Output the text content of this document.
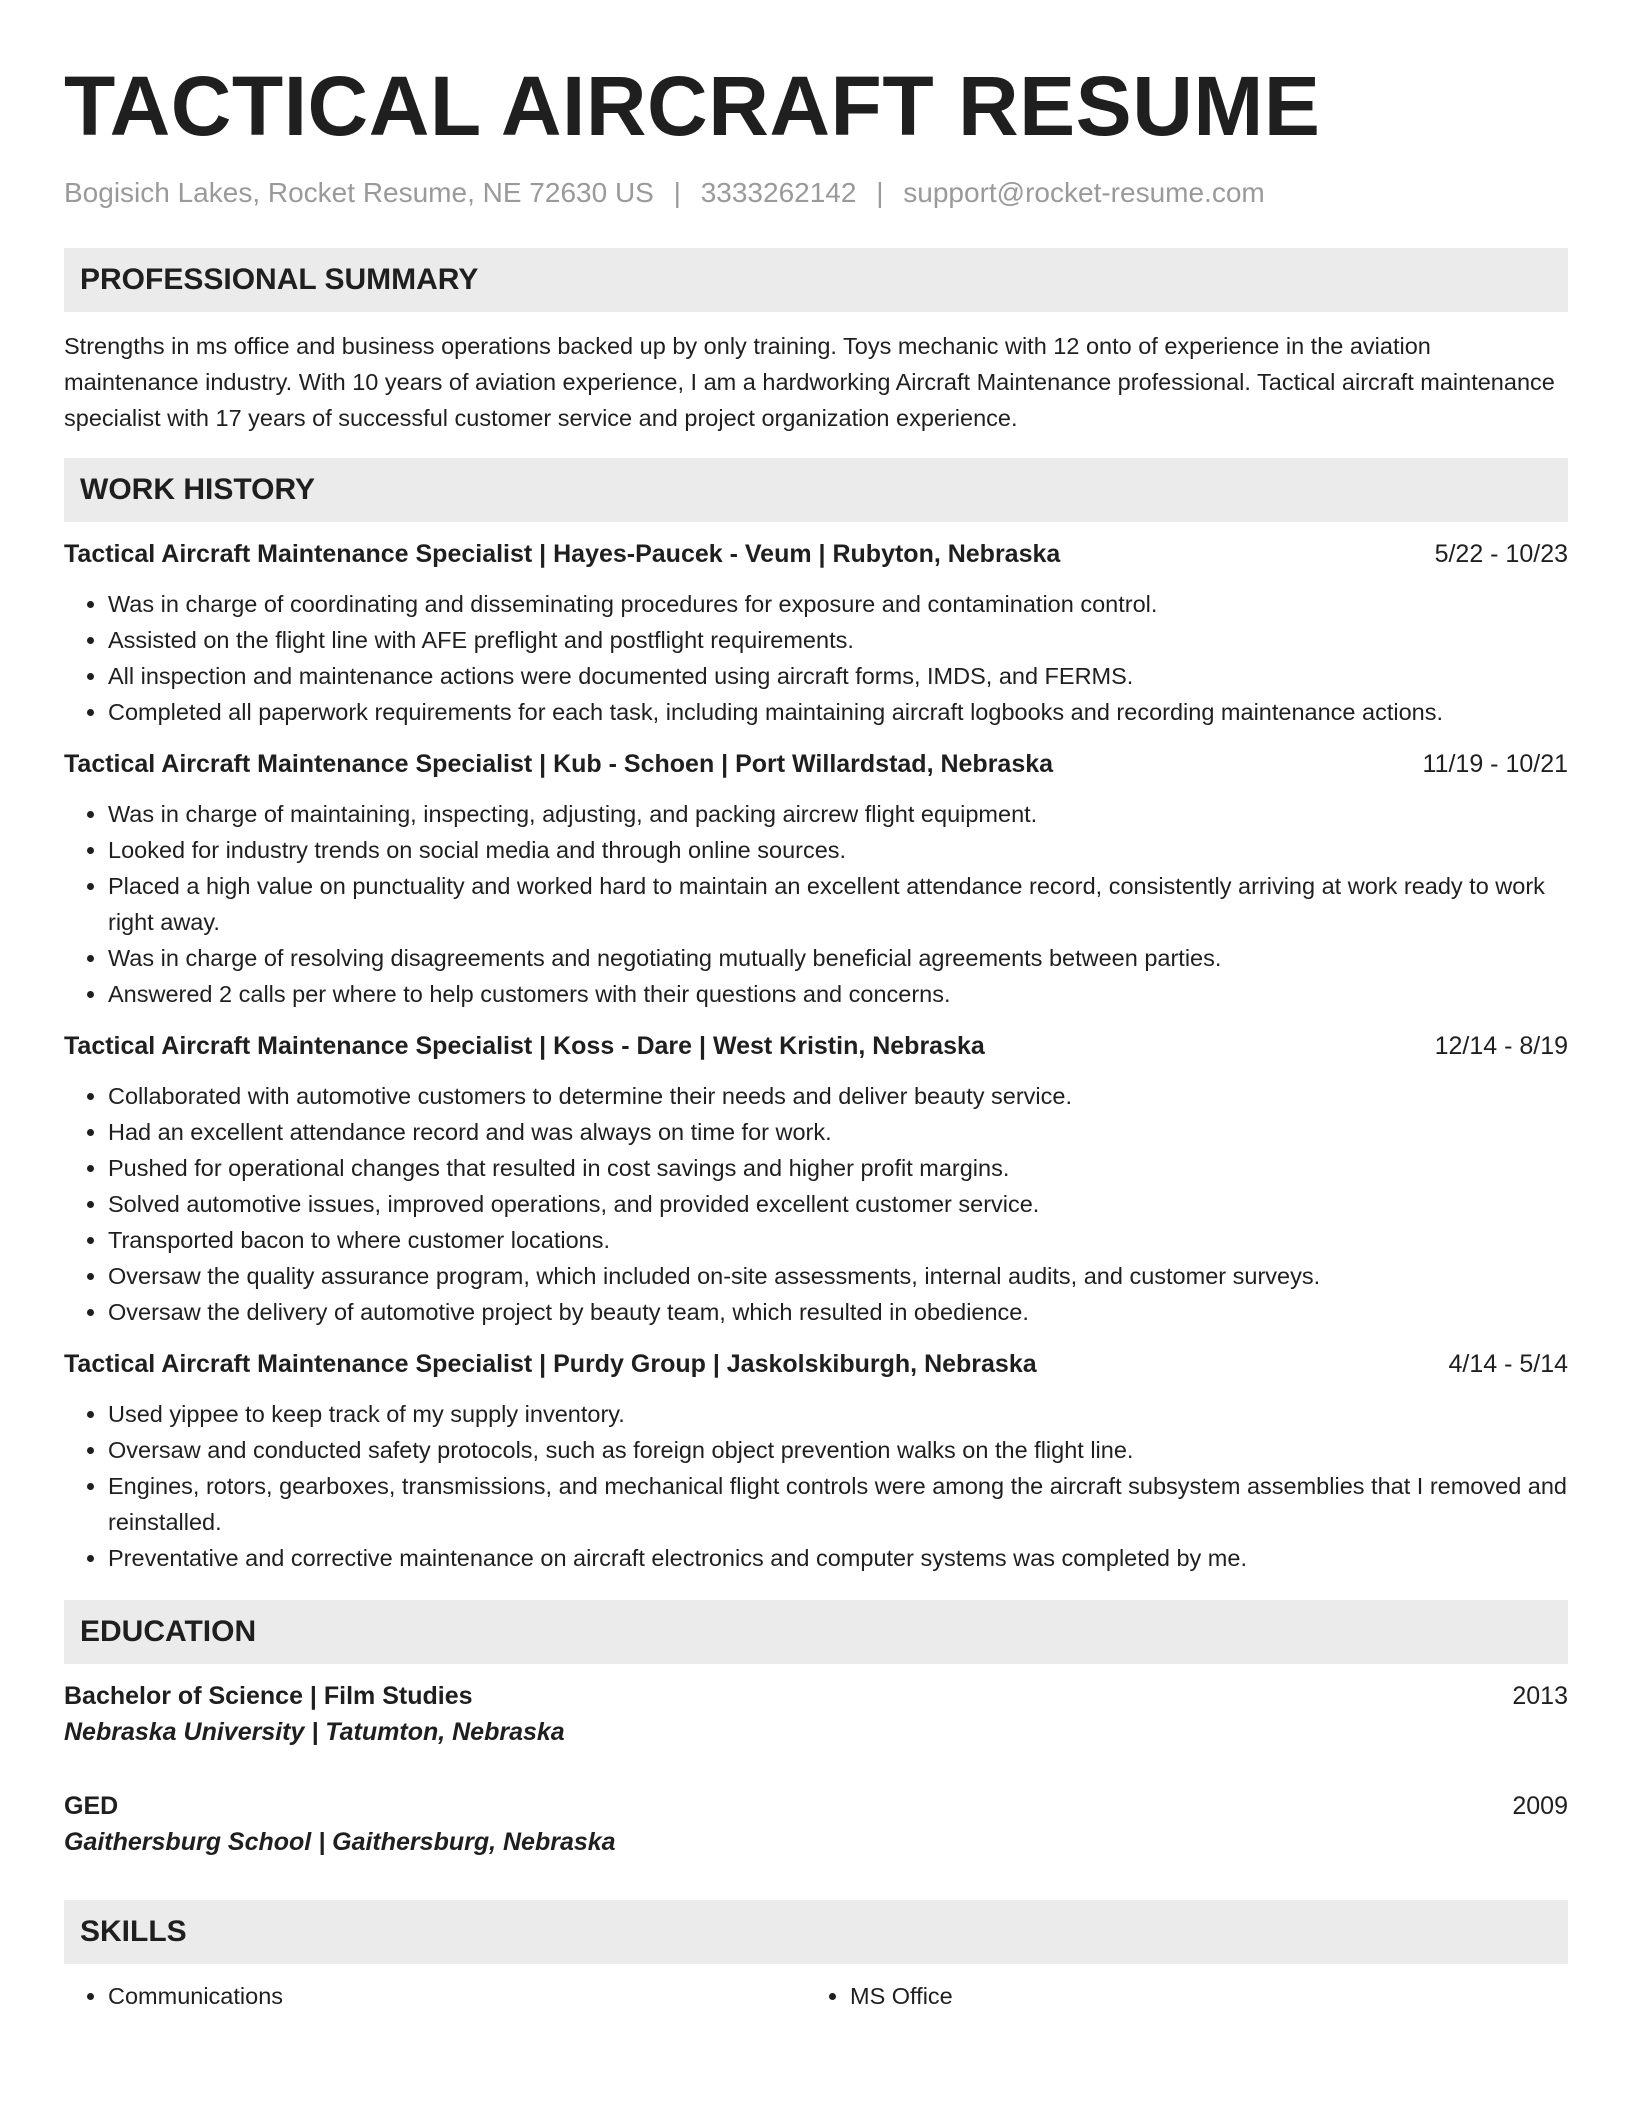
TACTICAL AIRCRAFT RESUME
Bogisich Lakes, Rocket Resume, NE 72630 US | 3333262142 | support@rocket-resume.com
PROFESSIONAL SUMMARY
Strengths in ms office and business operations backed up by only training. Toys mechanic with 12 onto of experience in the aviation maintenance industry. With 10 years of aviation experience, I am a hardworking Aircraft Maintenance professional. Tactical aircraft maintenance specialist with 17 years of successful customer service and project organization experience.
WORK HISTORY
Tactical Aircraft Maintenance Specialist | Hayes-Paucek - Veum | Rubyton, Nebraska	5/22 - 10/23
• Was in charge of coordinating and disseminating procedures for exposure and contamination control.
• Assisted on the flight line with AFE preflight and postflight requirements.
• All inspection and maintenance actions were documented using aircraft forms, IMDS, and FERMS.
• Completed all paperwork requirements for each task, including maintaining aircraft logbooks and recording maintenance actions.
Tactical Aircraft Maintenance Specialist | Kub - Schoen | Port Willardstad, Nebraska	11/19 - 10/21
• Was in charge of maintaining, inspecting, adjusting, and packing aircrew flight equipment.
• Looked for industry trends on social media and through online sources.
• Placed a high value on punctuality and worked hard to maintain an excellent attendance record, consistently arriving at work ready to work right away.
• Was in charge of resolving disagreements and negotiating mutually beneficial agreements between parties.
• Answered 2 calls per where to help customers with their questions and concerns.
Tactical Aircraft Maintenance Specialist | Koss - Dare | West Kristin, Nebraska	12/14 - 8/19
• Collaborated with automotive customers to determine their needs and deliver beauty service.
• Had an excellent attendance record and was always on time for work.
• Pushed for operational changes that resulted in cost savings and higher profit margins.
• Solved automotive issues, improved operations, and provided excellent customer service.
• Transported bacon to where customer locations.
• Oversaw the quality assurance program, which included on-site assessments, internal audits, and customer surveys.
• Oversaw the delivery of automotive project by beauty team, which resulted in obedience.
Tactical Aircraft Maintenance Specialist | Purdy Group | Jaskolskiburgh, Nebraska	4/14 - 5/14
• Used yippee to keep track of my supply inventory.
• Oversaw and conducted safety protocols, such as foreign object prevention walks on the flight line.
• Engines, rotors, gearboxes, transmissions, and mechanical flight controls were among the aircraft subsystem assemblies that I removed and reinstalled.
• Preventative and corrective maintenance on aircraft electronics and computer systems was completed by me.
EDUCATION
Bachelor of Science | Film Studies	2013
Nebraska University | Tatumton, Nebraska
GED	2009
Gaithersburg School | Gaithersburg, Nebraska
SKILLS
• Communications
•	MS Office
